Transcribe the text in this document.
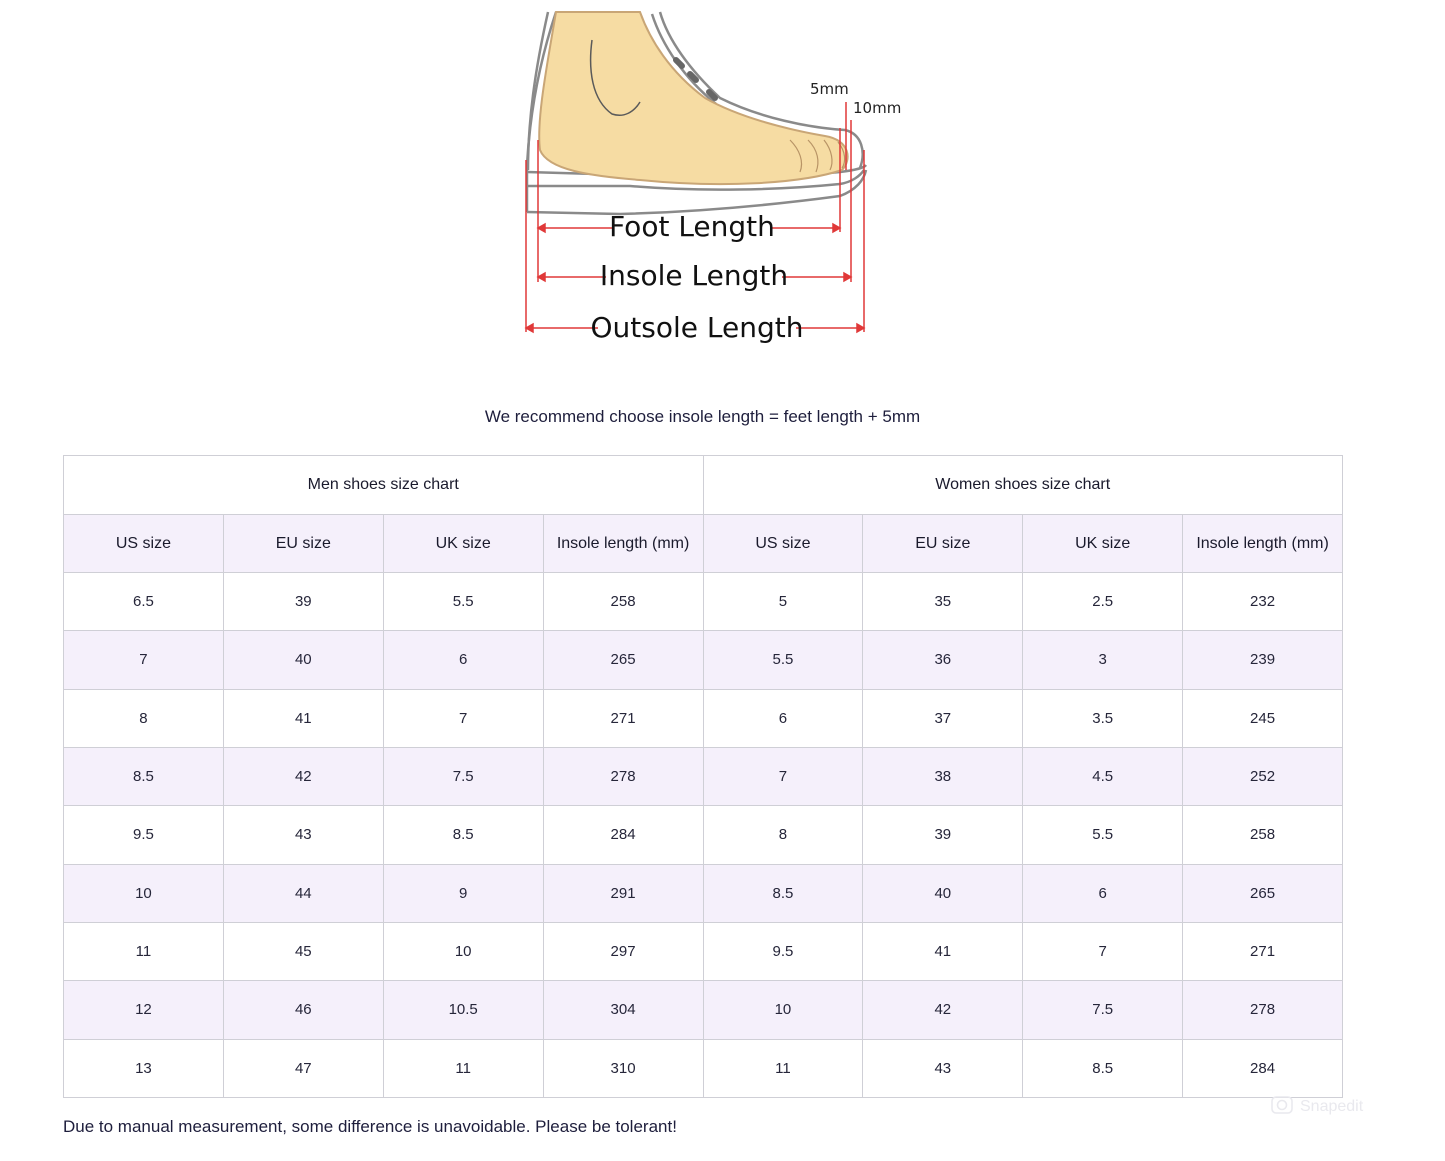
5mm
10mm
Foot Length
Insole Length
Outsole Length
We recommend choose insole length = feet length + 5mm
Men shoes size chart				Women shoes size chart			
US size	EU size	UK size	Insole length (mm)	US size	EU size	UK size	Insole length (mm)
6.5	39	5.5	258	5	35	2.5	232
7	40	6	265	5.5	36	3	239
8	41	7	271	6	37	3.5	245
8.5	42	7.5	278	7	38	4.5	252
9.5	43	8.5	284	8	39	5.5	258
10	44	9	291	8.5	40	6	265
11	45	10	297	9.5	41	7	271
12	46	10.5	304	10	42	7.5	278
13	47	11	310	11	43	8.5	284
Due to manual measurement, some difference is unavoidable. Please be tolerant!
Snapedit
